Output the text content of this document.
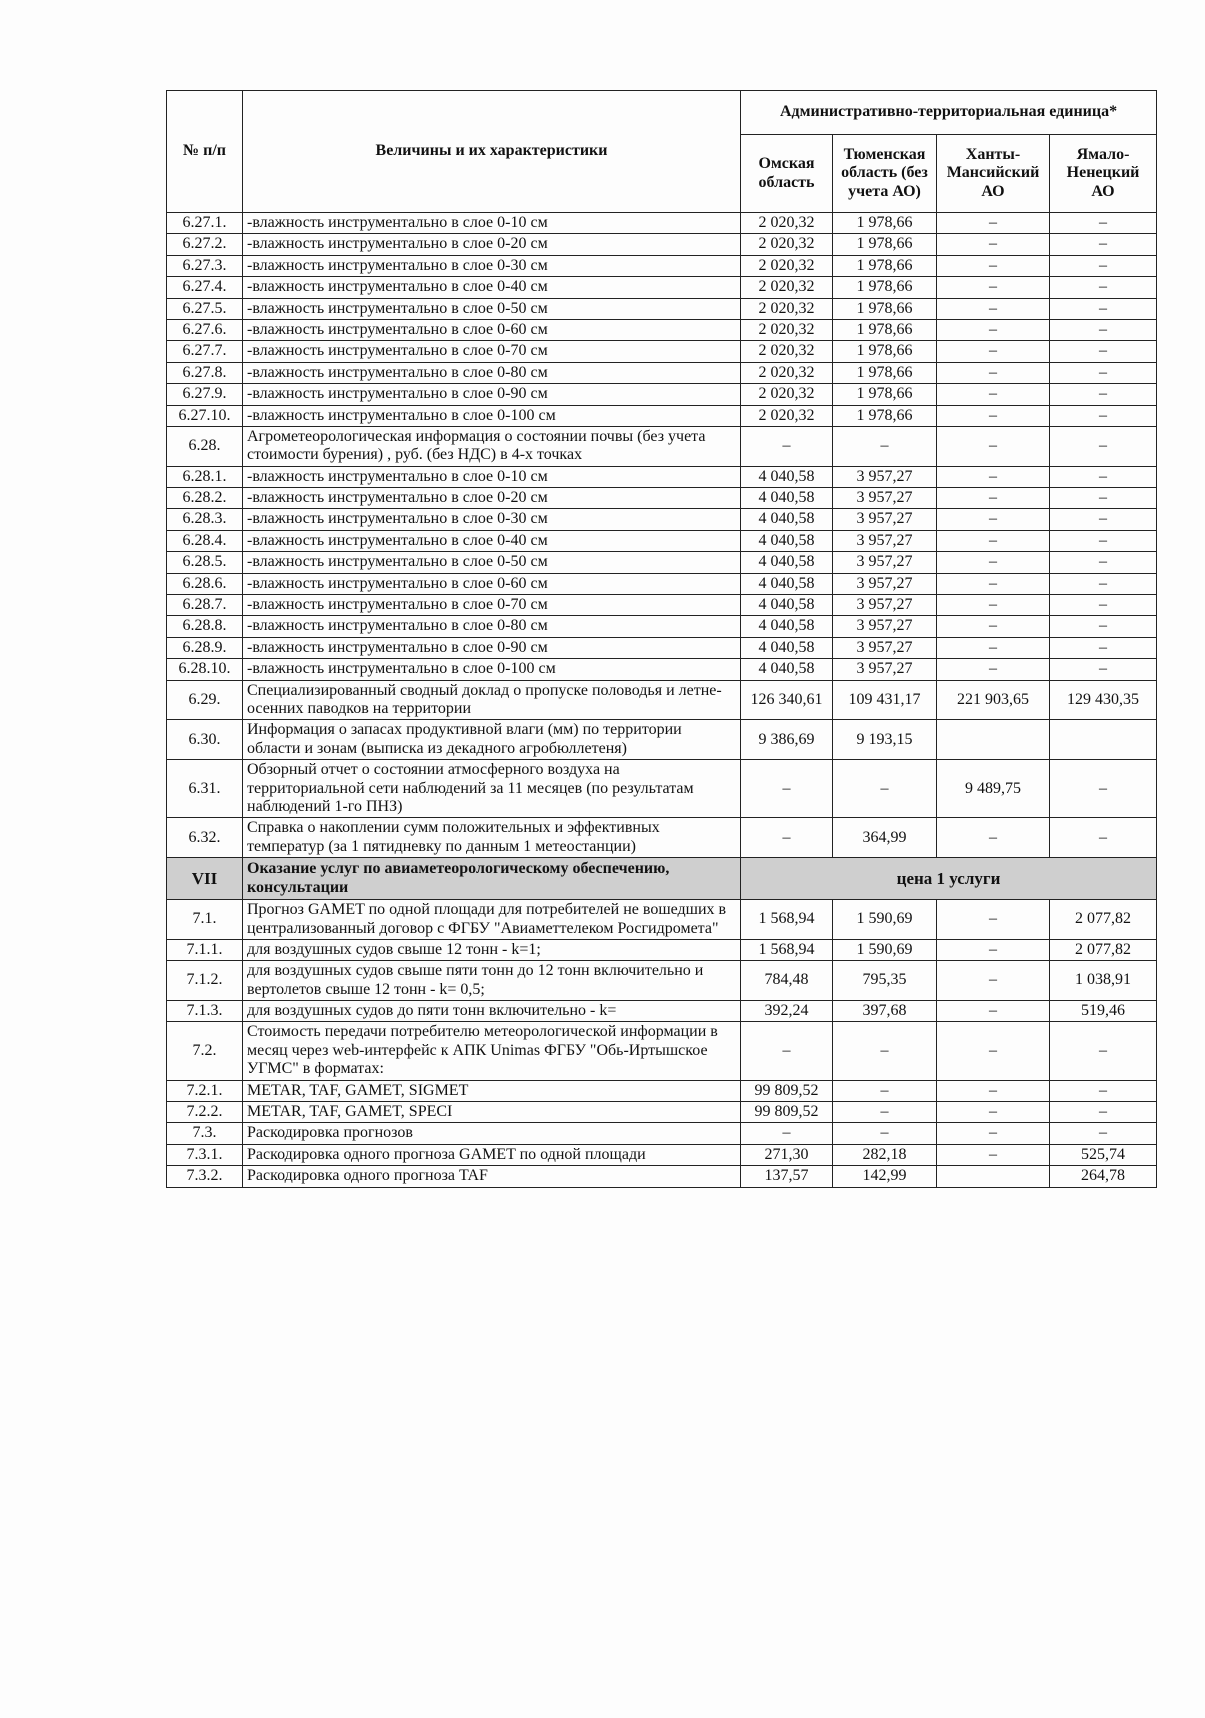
№ п/п	Величины и их характеристики	Административно-территориальная единица*			
		Омская область	Тюменская область (без учета АО)	Ханты-Мансийский АО	Ямало-Ненецкий АО
6.27.1.	-влажность инструментально в слое 0-10 см	2 020,32	1 978,66	–	–
6.27.2.	-влажность инструментально в слое 0-20 см	2 020,32	1 978,66	–	–
6.27.3.	-влажность инструментально в слое 0-30 см	2 020,32	1 978,66	–	–
6.27.4.	-влажность инструментально в слое 0-40 см	2 020,32	1 978,66	–	–
6.27.5.	-влажность инструментально в слое 0-50 см	2 020,32	1 978,66	–	–
6.27.6.	-влажность инструментально в слое 0-60 см	2 020,32	1 978,66	–	–
6.27.7.	-влажность инструментально в слое 0-70 см	2 020,32	1 978,66	–	–
6.27.8.	-влажность инструментально в слое 0-80 см	2 020,32	1 978,66	–	–
6.27.9.	-влажность инструментально в слое 0-90 см	2 020,32	1 978,66	–	–
6.27.10.	-влажность инструментально в слое 0-100 см	2 020,32	1 978,66	–	–
6.28.	Агрометеорологическая информация о состоянии почвы (без учета стоимости бурения) , руб. (без НДС) в 4-х точках	–	–	–	–
6.28.1.	-влажность инструментально в слое 0-10 см	4 040,58	3 957,27	–	–
6.28.2.	-влажность инструментально в слое 0-20 см	4 040,58	3 957,27	–	–
6.28.3.	-влажность инструментально в слое 0-30 см	4 040,58	3 957,27	–	–
6.28.4.	-влажность инструментально в слое 0-40 см	4 040,58	3 957,27	–	–
6.28.5.	-влажность инструментально в слое 0-50 см	4 040,58	3 957,27	–	–
6.28.6.	-влажность инструментально в слое 0-60 см	4 040,58	3 957,27	–	–
6.28.7.	-влажность инструментально в слое 0-70 см	4 040,58	3 957,27	–	–
6.28.8.	-влажность инструментально в слое 0-80 см	4 040,58	3 957,27	–	–
6.28.9.	-влажность инструментально в слое 0-90 см	4 040,58	3 957,27	–	–
6.28.10.	-влажность инструментально в слое 0-100 см	4 040,58	3 957,27	–	–
6.29.	Специализированный сводный доклад о пропуске половодья и летне-осенних паводков на территории	126 340,61	109 431,17	221 903,65	129 430,35
6.30.	Информация о запасах продуктивной влаги (мм) по территории области и зонам (выписка из декадного агробюллетеня)	9 386,69	9 193,15		
6.31.	Обзорный отчет о состоянии атмосферного воздуха на территориальной сети наблюдений за 11 месяцев (по результатам наблюдений 1-го ПНЗ)	–	–	9 489,75	–
6.32.	Справка о накоплении сумм положительных и эффективных температур (за 1 пятидневку по данным 1 метеостанции)	–	364,99	–	–
VII	Оказание услуг по авиаметеорологическому обеспечению, консультации	цена 1 услуги			
7.1.	Прогноз GAMET по одной площади для потребителей не вошедших в централизованный договор с ФГБУ "Авиаметтелеком Росгидромета"	1 568,94	1 590,69	–	2 077,82
7.1.1.	для воздушных судов свыше 12 тонн - k=1;	1 568,94	1 590,69	–	2 077,82
7.1.2.	для воздушных судов свыше пяти тонн до 12 тонн включительно и вертолетов свыше 12 тонн - k= 0,5;	784,48	795,35	–	1 038,91
7.1.3.	для воздушных судов до пяти тонн включительно - k=	392,24	397,68	–	519,46
7.2.	Стоимость передачи потребителю метеорологической информации в месяц через web-интерфейс к АПК Unimas ФГБУ "Обь-Иртышское УГМС" в форматах:	–	–	–	–
7.2.1.	METAR, TAF, GAMET, SIGMET	99 809,52	–	–	–
7.2.2.	METAR, TAF, GAMET, SPECI	99 809,52	–	–	–
7.3.	Раскодировка прогнозов	–	–	–	–
7.3.1.	Раскодировка одного прогноза GAMET по одной площади	271,30	282,18	–	525,74
7.3.2.	Раскодировка одного прогноза TAF	137,57	142,99		264,78
